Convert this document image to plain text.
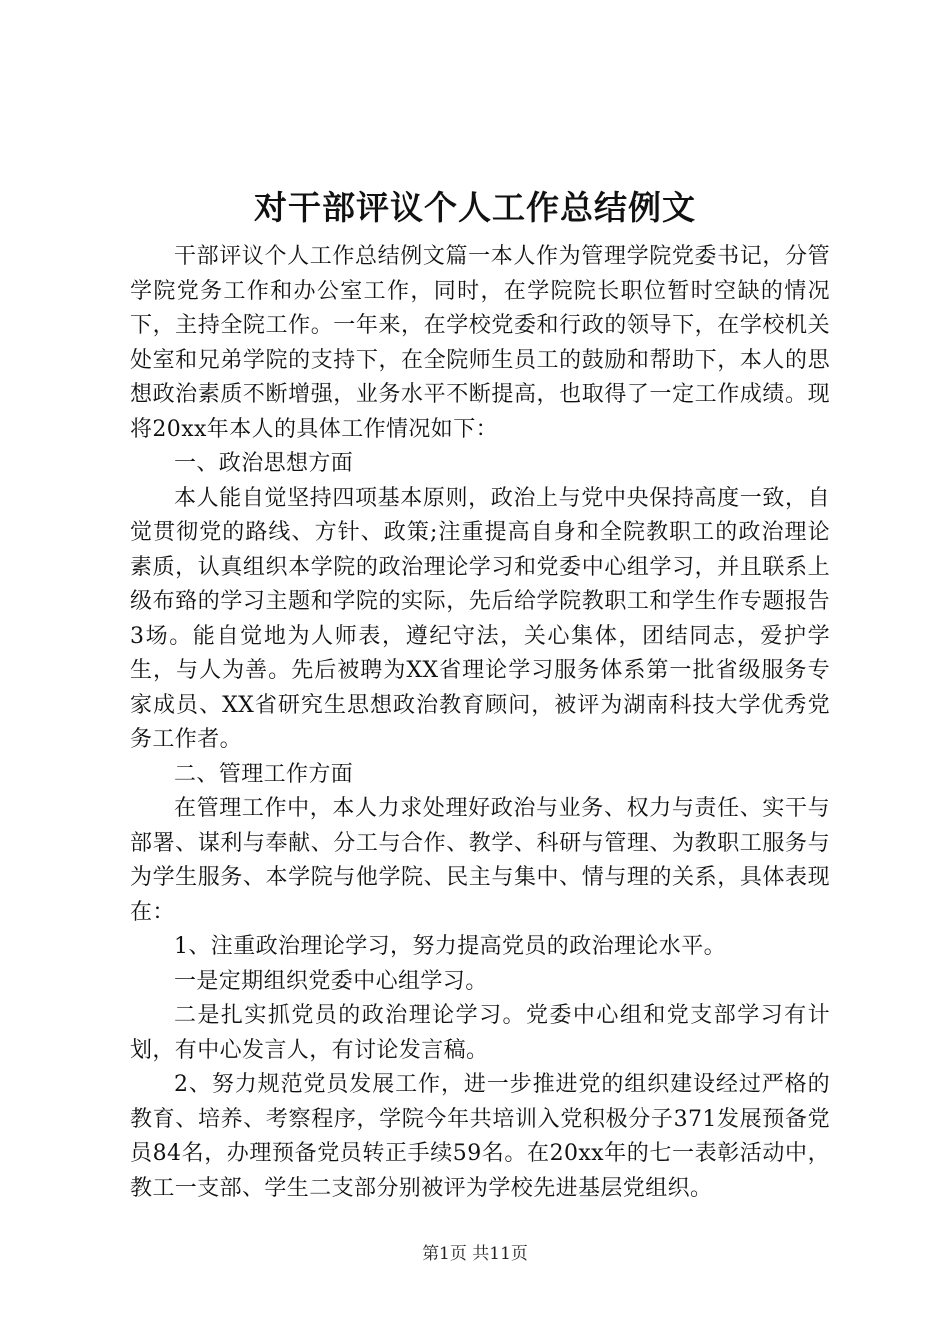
对干部评议个人工作总结例文

干部评议个人工作总结例文篇一本人作为管理学院党委书记，分管学院党务工作和办公室工作，同时，在学院院长职位暂时空缺的情况下，主持全院工作。一年来，在学校党委和行政的领导下，在学校机关处室和兄弟学院的支持下，在全院师生员工的鼓励和帮助下，本人的思想政治素质不断增强，业务水平不断提高，也取得了一定工作成绩。现将20xx年本人的具体工作情况如下：

一、政治思想方面

本人能自觉坚持四项基本原则，政治上与党中央保持高度一致，自觉贯彻党的路线、方针、政策;注重提高自身和全院教职工的政治理论素质，认真组织本学院的政治理论学习和党委中心组学习，并且联系上级布臵的学习主题和学院的实际，先后给学院教职工和学生作专题报告3场。能自觉地为人师表，遵纪守法，关心集体，团结同志，爱护学生，与人为善。先后被聘为XX省理论学习服务体系第一批省级服务专家成员、XX省研究生思想政治教育顾问，被评为湖南科技大学优秀党务工作者。

二、管理工作方面

在管理工作中，本人力求处理好政治与业务、权力与责任、实干与部署、谋利与奉献、分工与合作、教学、科研与管理、为教职工服务与为学生服务、本学院与他学院、民主与集中、情与理的关系，具体表现在：

1、注重政治理论学习，努力提高党员的政治理论水平。

一是定期组织党委中心组学习。

二是扎实抓党员的政治理论学习。党委中心组和党支部学习有计划，有中心发言人，有讨论发言稿。

2、努力规范党员发展工作，进一步推进党的组织建设经过严格的教育、培养、考察程序，学院今年共培训入党积极分子371发展预备党员84名，办理预备党员转正手续59名。在20xx年的七一表彰活动中，教工一支部、学生二支部分别被评为学校先进基层党组织。

第1页 共11页
